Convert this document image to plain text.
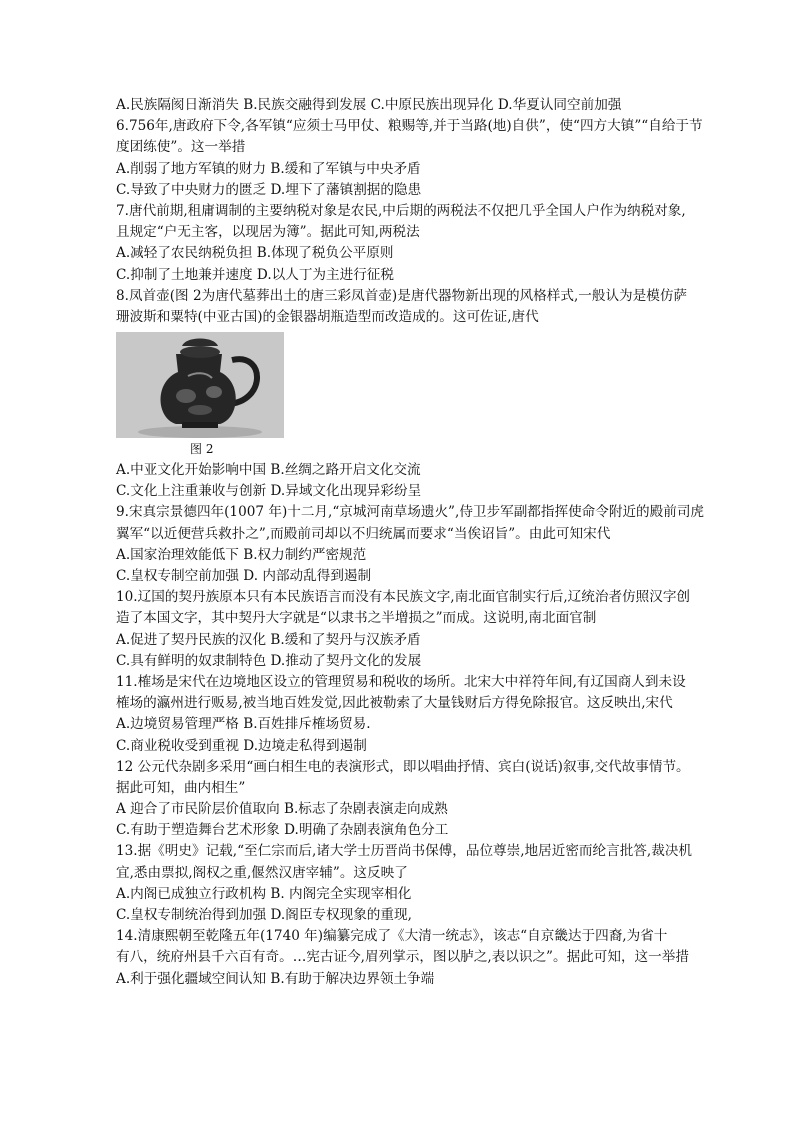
A.民族隔阂日渐消失 B.民族交融得到发展 C.中原民族出现异化 D.华夏认同空前加强
6.756年,唐政府下令,各军镇“应须士马甲仗、粮赐等,并于当路(地)自供”，使“四方大镇”“自给于节
度团练使”。这一举措
A.削弱了地方军镇的财力 B.缓和了军镇与中央矛盾
C.导致了中央财力的匮乏 D.埋下了藩镇割据的隐患
7.唐代前期,租庸调制的主要纳税对象是农民,中后期的两税法不仅把几乎全国人户作为纳税对象,
且规定“户无主客，以现居为簿”。据此可知,两税法
A.减轻了农民纳税负担 B.体现了税负公平原则
C.抑制了土地兼并速度 D.以人丁为主进行征税
8.凤首壶(图 2为唐代墓葬出土的唐三彩凤首壶)是唐代器物新出现的风格样式,一般认为是模仿萨
珊波斯和粟特(中亚古国)的金银器胡瓶造型而改造成的。这可佐证,唐代
图 2
A.中亚文化开始影响中国 B.丝绸之路开启文化交流
C.文化上注重兼收与创新 D.异域文化出现异彩纷呈
9.宋真宗景德四年(1007 年)十二月,“京城河南草场遗火”,侍卫步军副都指挥使命令附近的殿前司虎
翼军“以近便营兵救扑之”,而殿前司却以不归统属而要求“当俟诏旨”。由此可知宋代
A.国家治理效能低下 B.权力制约严密规范
C.皇权专制空前加强 D. 内部动乱得到遏制
10.辽国的契丹族原本只有本民族语言而没有本民族文字,南北面官制实行后,辽统治者仿照汉字创
造了本国文字，其中契丹大字就是“以隶书之半增损之”而成。这说明,南北面官制
A.促进了契丹民族的汉化 B.缓和了契丹与汉族矛盾
C.具有鲜明的奴隶制特色 D.推动了契丹文化的发展
11.榷场是宋代在边境地区设立的管理贸易和税收的场所。北宋大中祥符年间,有辽国商人到未设
榷场的瀛州进行贩易,被当地百姓发觉,因此被勒索了大量钱财后方得免除报官。这反映出,宋代
A.边境贸易管理严格 B.百姓排斥榷场贸易.
C.商业税收受到重视 D.边境走私得到遏制
12 公元代杂剧多采用“画白相生电的表演形式，即以唱曲抒情、宾白(说话)叙事,交代故事情节。
据此可知，曲内相生”
A 迎合了市民阶层价值取向 B.标志了杂剧表演走向成熟
C.有助于塑造舞台艺术形象 D.明确了杂剧表演角色分工
13.据《明史》记载,“至仁宗而后,诸大学士历晋尚书保傅，品位尊崇,地居近密而纶言批答,裁决机
宜,悉由票拟,阁权之重,偃然汉唐宰辅”。这反映了
A.内阁已成独立行政机构 B. 内阁完全实现宰相化
C.皇权专制统治得到加强 D.阁臣专权现象的重现,
14.清康熙朝至乾隆五年(1740 年)编纂完成了《大清一统志》，该志“自京畿达于四裔,为省十
有八，统府州县千六百有奇。…宪古证今,眉列掌示，图以胪之,表以识之”。据此可知，这一举措
A.利于强化疆域空间认知 B.有助于解决边界领土争端
